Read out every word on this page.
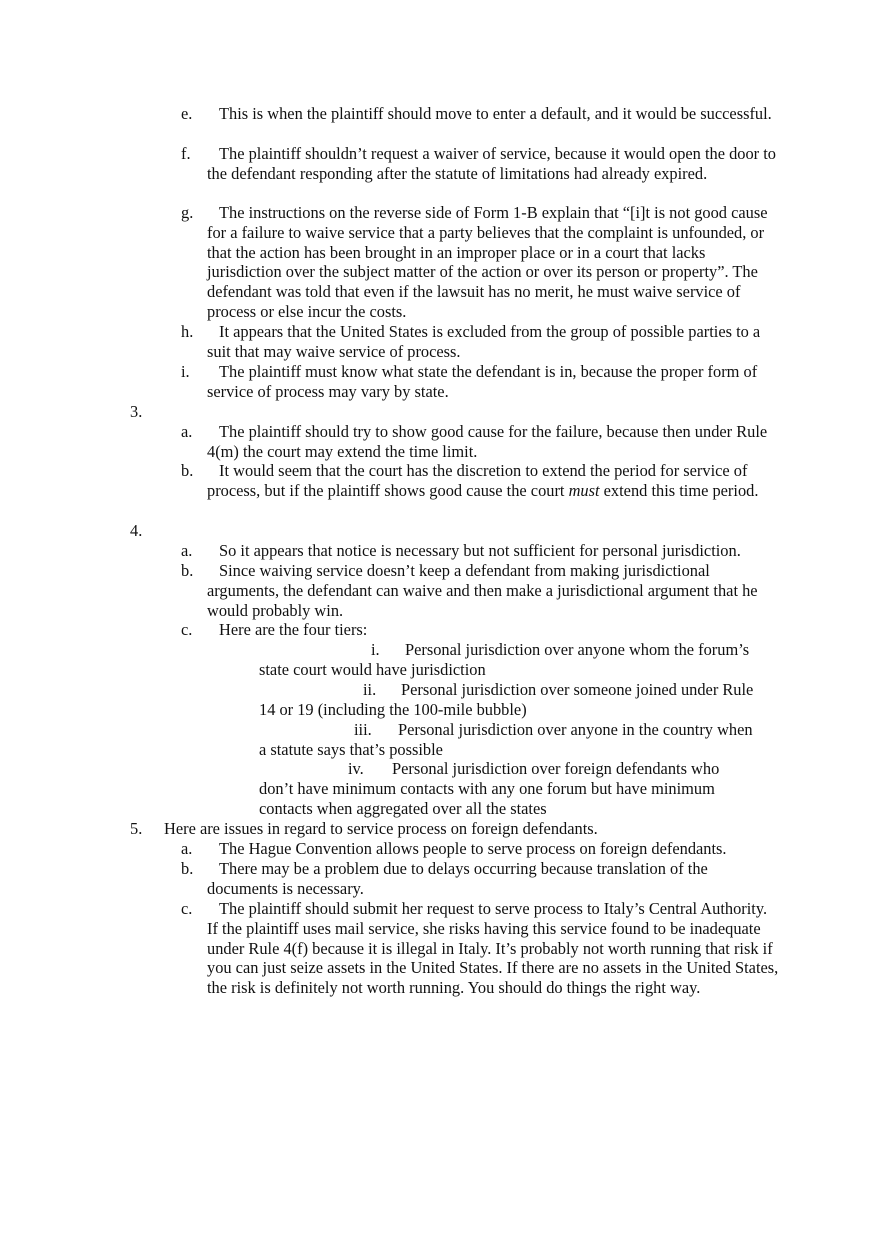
e.	This is when the plaintiff should move to enter a default, and it would be successful.
f.	The plaintiff shouldn’t request a waiver of service, because it would open the door to the defendant responding after the statute of limitations had already expired.
g.	The instructions on the reverse side of Form 1-B explain that “[i]t is not good cause for a failure to waive service that a party believes that the complaint is unfounded, or that the action has been brought in an improper place or in a court that lacks jurisdiction over the subject matter of the action or over its person or property”. The defendant was told that even if the lawsuit has no merit, he must waive service of process or else incur the costs.
h.	It appears that the United States is excluded from the group of possible parties to a suit that may waive service of process.
i.	The plaintiff must know what state the defendant is in, because the proper form of service of process may vary by state.
3.
a.	The plaintiff should try to show good cause for the failure, because then under Rule 4(m) the court may extend the time limit.
b.	It would seem that the court has the discretion to extend the period for service of process, but if the plaintiff shows good cause the court must extend this time period.
4.
a.	So it appears that notice is necessary but not sufficient for personal jurisdiction.
b.	Since waiving service doesn’t keep a defendant from making jurisdictional arguments, the defendant can waive and then make a jurisdictional argument that he would probably win.
c.	Here are the four tiers:
i. Personal jurisdiction over anyone whom the forum’s
state court would have jurisdiction
ii. Personal jurisdiction over someone joined under Rule
14 or 19 (including the 100-mile bubble)
iii. Personal jurisdiction over anyone in the country when
a statute says that’s possible
iv. Personal jurisdiction over foreign defendants who
don’t have minimum contacts with any one forum but have minimum contacts when aggregated over all the states
5. Here are issues in regard to service process on foreign defendants.
a.	The Hague Convention allows people to serve process on foreign defendants.
b.	There may be a problem due to delays occurring because translation of the documents is necessary.
c.	The plaintiff should submit her request to serve process to Italy’s Central Authority. If the plaintiff uses mail service, she risks having this service found to be inadequate under Rule 4(f) because it is illegal in Italy. It’s probably not worth running that risk if you can just seize assets in the United States. If there are no assets in the United States, the risk is definitely not worth running. You should do things the right way.
